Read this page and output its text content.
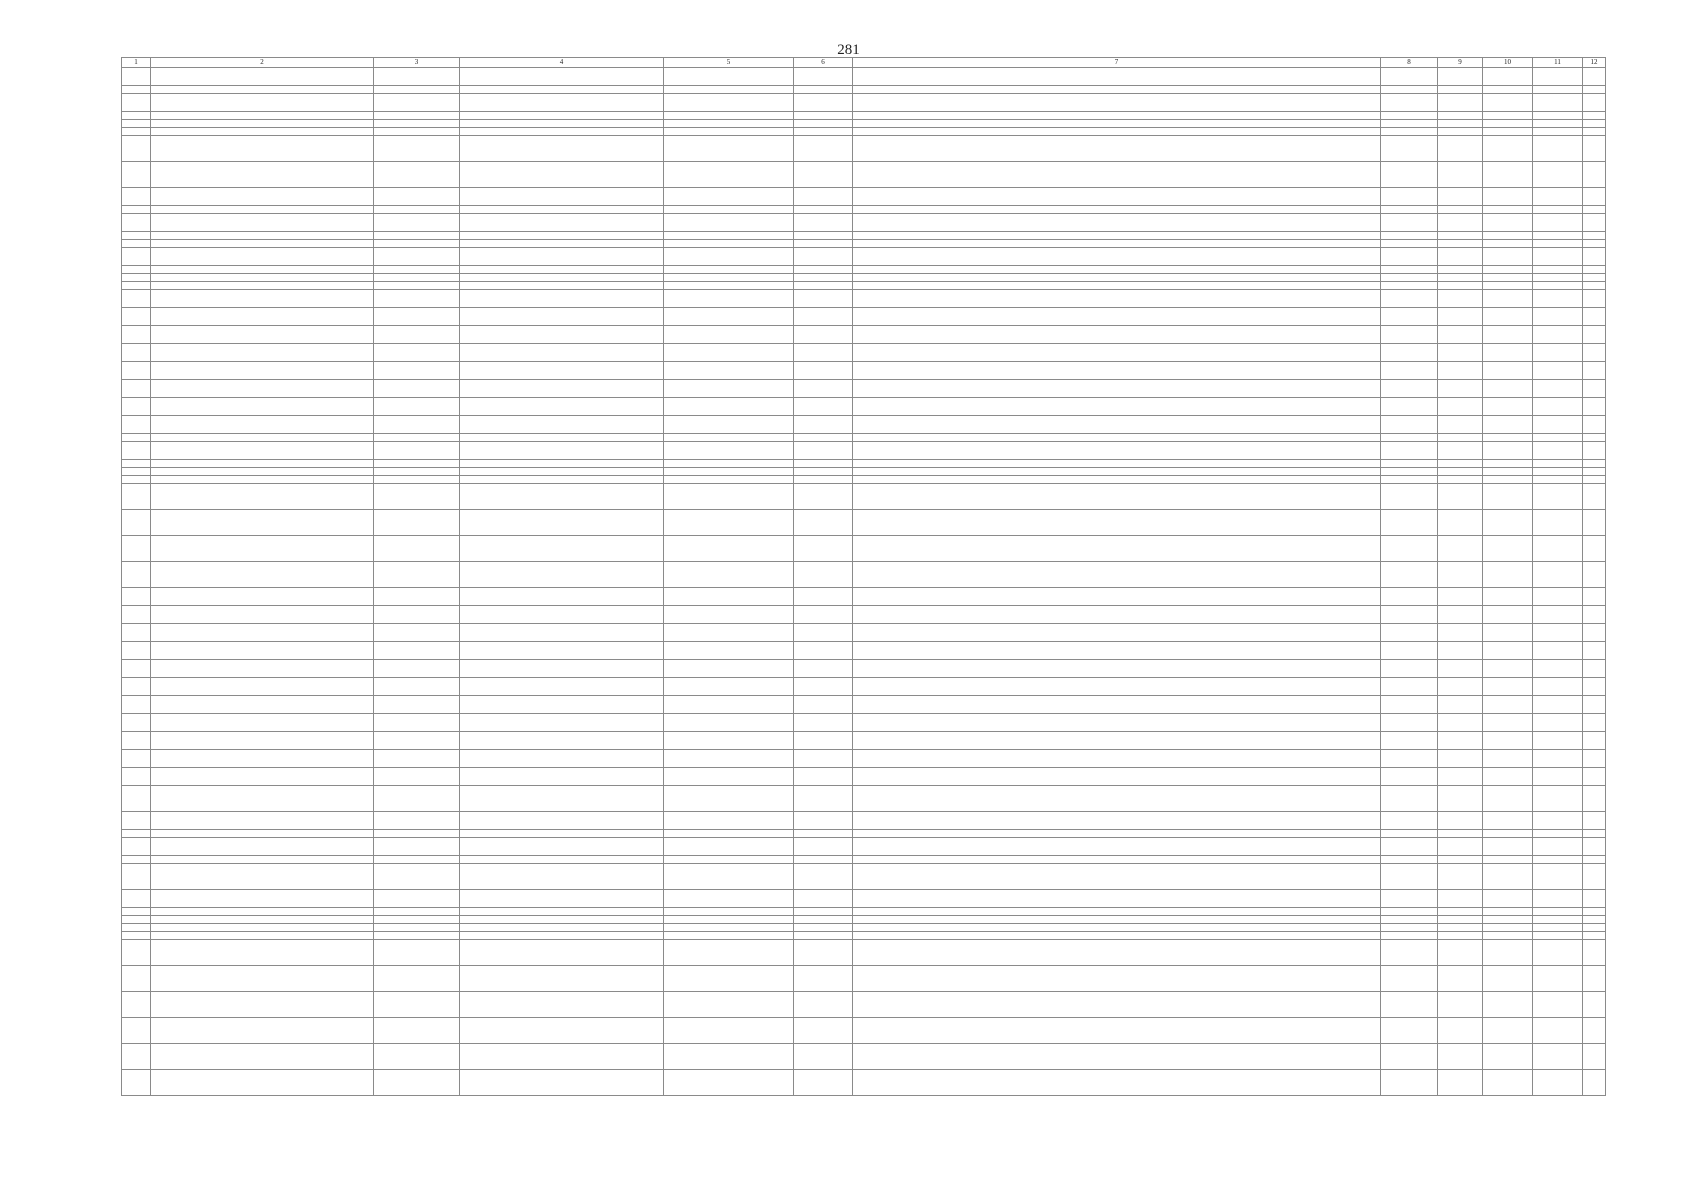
281
1	2	3	4	5	6	7	8	9	10	11	12
